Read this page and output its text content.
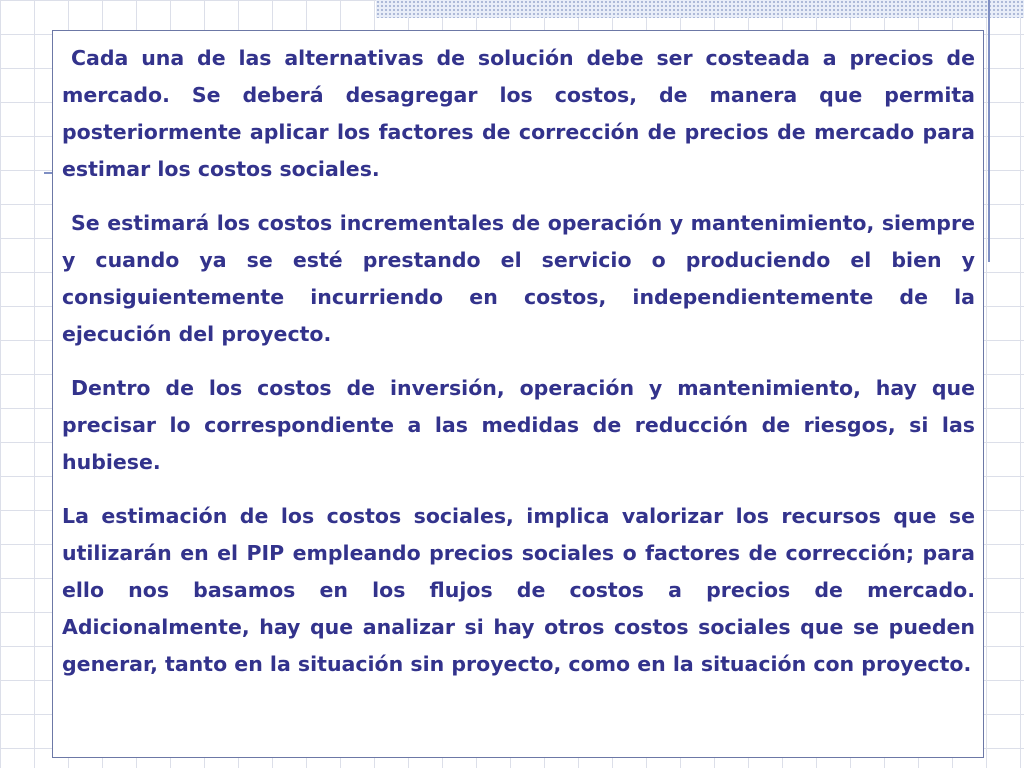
Cada una de las alternativas de solución debe ser costeada a precios de mercado. Se deberá desagregar los costos, de manera que permita posteriormente aplicar los factores de corrección de precios de mercado para estimar los costos sociales.

Se estimará los costos incrementales de operación y mantenimiento, siempre y cuando ya se esté prestando el servicio o produciendo el bien y consiguientemente incurriendo en costos, independientemente de la ejecución del proyecto.

Dentro de los costos de inversión, operación y mantenimiento, hay que precisar lo correspondiente a las medidas de reducción de riesgos, si las hubiese.

La estimación de los costos sociales, implica valorizar los recursos que se utilizarán en el PIP empleando precios sociales o factores de corrección; para ello nos basamos en los flujos de costos a precios de mercado. Adicionalmente, hay que analizar si hay otros costos sociales que se pueden generar, tanto en la situación sin proyecto, como en la situación con proyecto.
